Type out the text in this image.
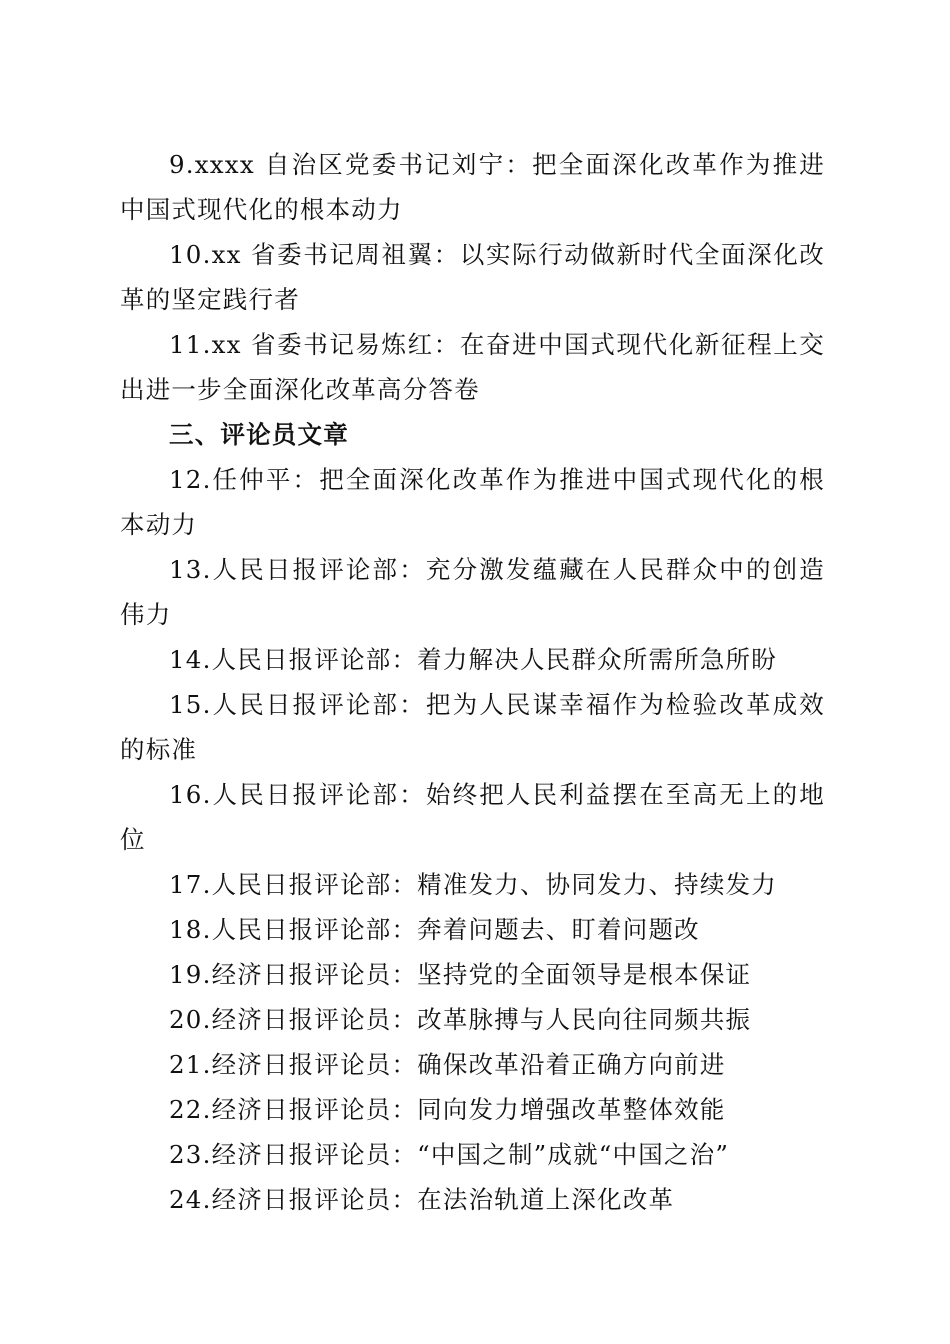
9.xxxx 自治区党委书记刘宁：把全面深化改革作为推进中国式现代化的根本动力

10.xx 省委书记周祖翼：以实际行动做新时代全面深化改革的坚定践行者

11.xx 省委书记易炼红：在奋进中国式现代化新征程上交出进一步全面深化改革高分答卷

三、评论员文章

12.任仲平：把全面深化改革作为推进中国式现代化的根本动力

13.人民日报评论部：充分激发蕴藏在人民群众中的创造伟力

14.人民日报评论部：着力解决人民群众所需所急所盼

15.人民日报评论部：把为人民谋幸福作为检验改革成效的标准

16.人民日报评论部：始终把人民利益摆在至高无上的地位

17.人民日报评论部：精准发力、协同发力、持续发力

18.人民日报评论部：奔着问题去、盯着问题改

19.经济日报评论员：坚持党的全面领导是根本保证

20.经济日报评论员：改革脉搏与人民向往同频共振

21.经济日报评论员：确保改革沿着正确方向前进

22.经济日报评论员：同向发力增强改革整体效能

23.经济日报评论员：“中国之制”成就“中国之治”

24.经济日报评论员：在法治轨道上深化改革
